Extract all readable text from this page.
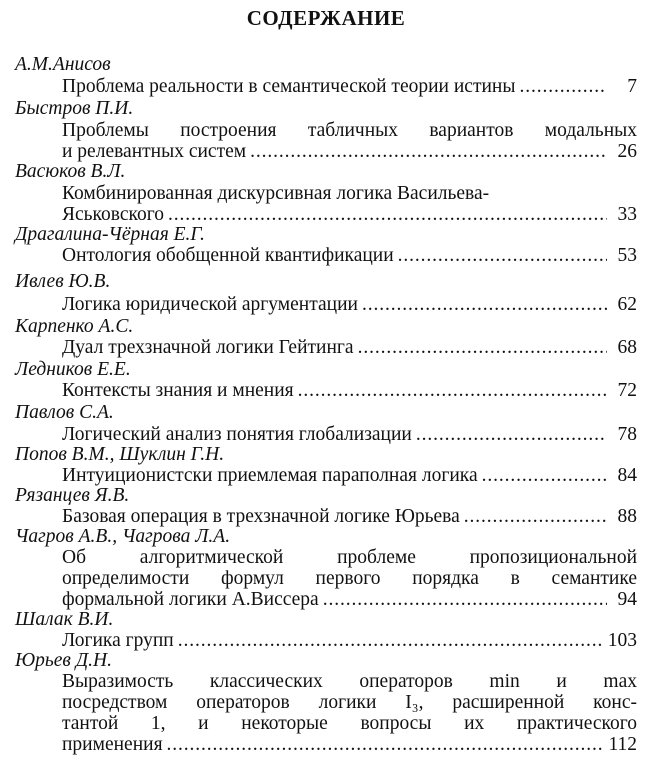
СОДЕРЖАНИЕ
А.М.Анисов
Проблема реальности в семантической теории истины . . .	7
Быстров П.И.
Проблемы построения табличных вариантов модальных
и релевантных систем . . .	26
Васюков В.Л.
Комбинированная дискурсивная логика Васильева-
Яськовского . . .	33
Драгалина-Чёрная Е.Г.
Онтология обобщенной квантификации . . .	53
Ивлев Ю.В.
Логика юридической аргументации . . .	62
Карпенко А.С.
Дуал трехзначной логики Гейтинга . . .	68
Ледников Е.Е.
Контексты знания и мнения . . .	72
Павлов С.А.
Логический анализ понятия глобализации . . .	78
Попов В.М., Шуклин Г.Н.
Интуиционистски приемлемая параполная логика . . .	84
Рязанцев Я.В.
Базовая операция в трехзначной логике Юрьева . . .	88
Чагров А.В., Чагрова Л.А.
Об алгоритмической проблеме пропозициональной
определимости формул первого порядка в семантике
формальной логики А.Виссера . . .	94
Шалак В.И.
Логика групп . . .	103
Юрьев Д.Н.
Выразимость классических операторов min и max
посредством операторов логики I₃, расширенной конс-
тантой 1, и некоторые вопросы их практического
применения . . .	112
